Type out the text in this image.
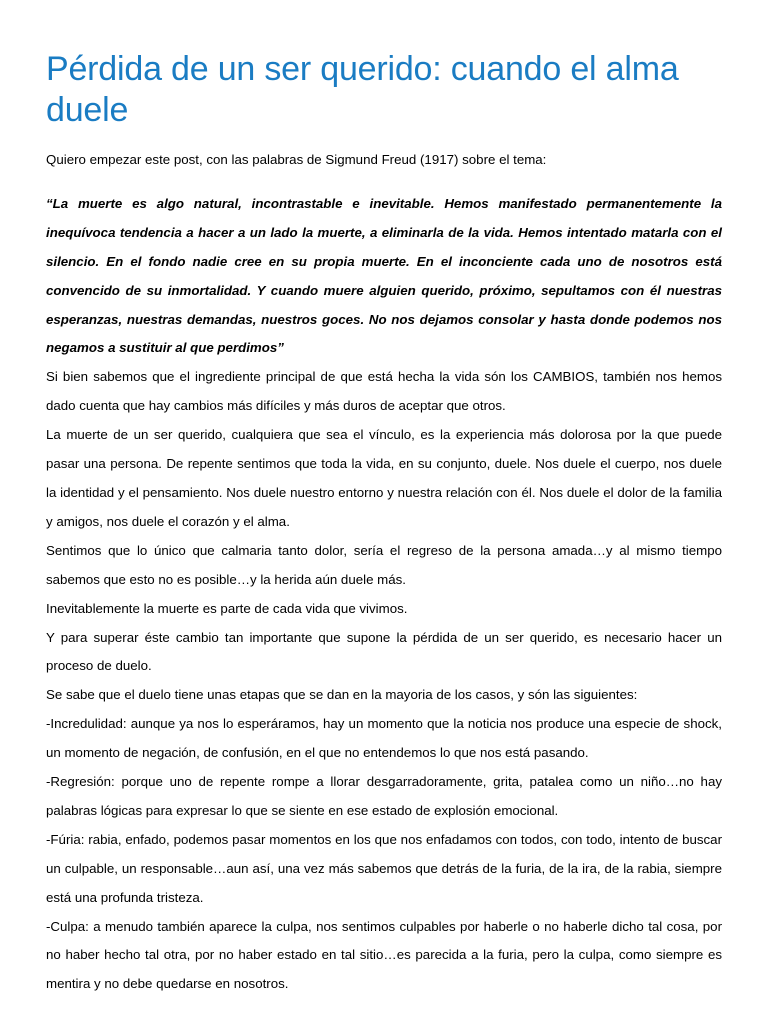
Pérdida de un ser querido: cuando el alma duele

Quiero empezar este post, con las palabras de Sigmund Freud (1917) sobre el tema:

“La muerte es algo natural, incontrastable e inevitable. Hemos manifestado permanentemente la inequívoca tendencia a hacer a un lado la muerte, a eliminarla de la vida. Hemos intentado matarla con el silencio. En el fondo nadie cree en su propia muerte. En el inconciente cada uno de nosotros está convencido de su inmortalidad. Y cuando muere alguien querido, próximo, sepultamos con él nuestras esperanzas, nuestras demandas, nuestros goces. No nos dejamos consolar y hasta donde podemos nos negamos a sustituir al que perdimos”

Si bien sabemos que el ingrediente principal de que está hecha la vida són los CAMBIOS, también nos hemos dado cuenta que hay cambios más difíciles y más duros de aceptar que otros.

La muerte de un ser querido, cualquiera que sea el vínculo, es la experiencia más dolorosa por la que puede pasar una persona. De repente sentimos que toda la vida, en su conjunto, duele. Nos duele el cuerpo, nos duele la identidad y el pensamiento. Nos duele nuestro entorno y nuestra relación con él. Nos duele el dolor de la familia y amigos, nos duele el corazón y el alma.

Sentimos que lo único que calmaria tanto dolor, sería el regreso de la persona amada…y al mismo tiempo sabemos que esto no es posible…y la herida aún duele más.

Inevitablemente la muerte es parte de cada vida que vivimos.

Y para superar éste cambio tan importante que supone la pérdida de un ser querido, es necesario hacer un proceso de duelo.

Se sabe que el duelo tiene unas etapas que se dan en la mayoria de los casos, y són las siguientes:

-Incredulidad: aunque ya nos lo esperáramos, hay un momento que la noticia nos produce una especie de shock, un momento de negación, de confusión, en el que no entendemos lo que nos está pasando.

-Regresión: porque uno de repente rompe a llorar desgarradoramente, grita, patalea como un niño…no hay palabras lógicas para expresar lo que se siente en ese estado de explosión emocional.

-Fúria: rabia, enfado, podemos pasar momentos en los que nos enfadamos con todos, con todo, intento de buscar un culpable, un responsable…aun así, una vez más sabemos que detrás de la furia, de la ira, de la rabia, siempre está una profunda tristeza.

-Culpa: a menudo también aparece la culpa, nos sentimos culpables por haberle o no haberle dicho tal cosa, por no haber hecho tal otra, por no haber estado en tal sitio…es parecida a la furia, pero la culpa, como siempre es mentira y no debe quedarse en nosotros.
